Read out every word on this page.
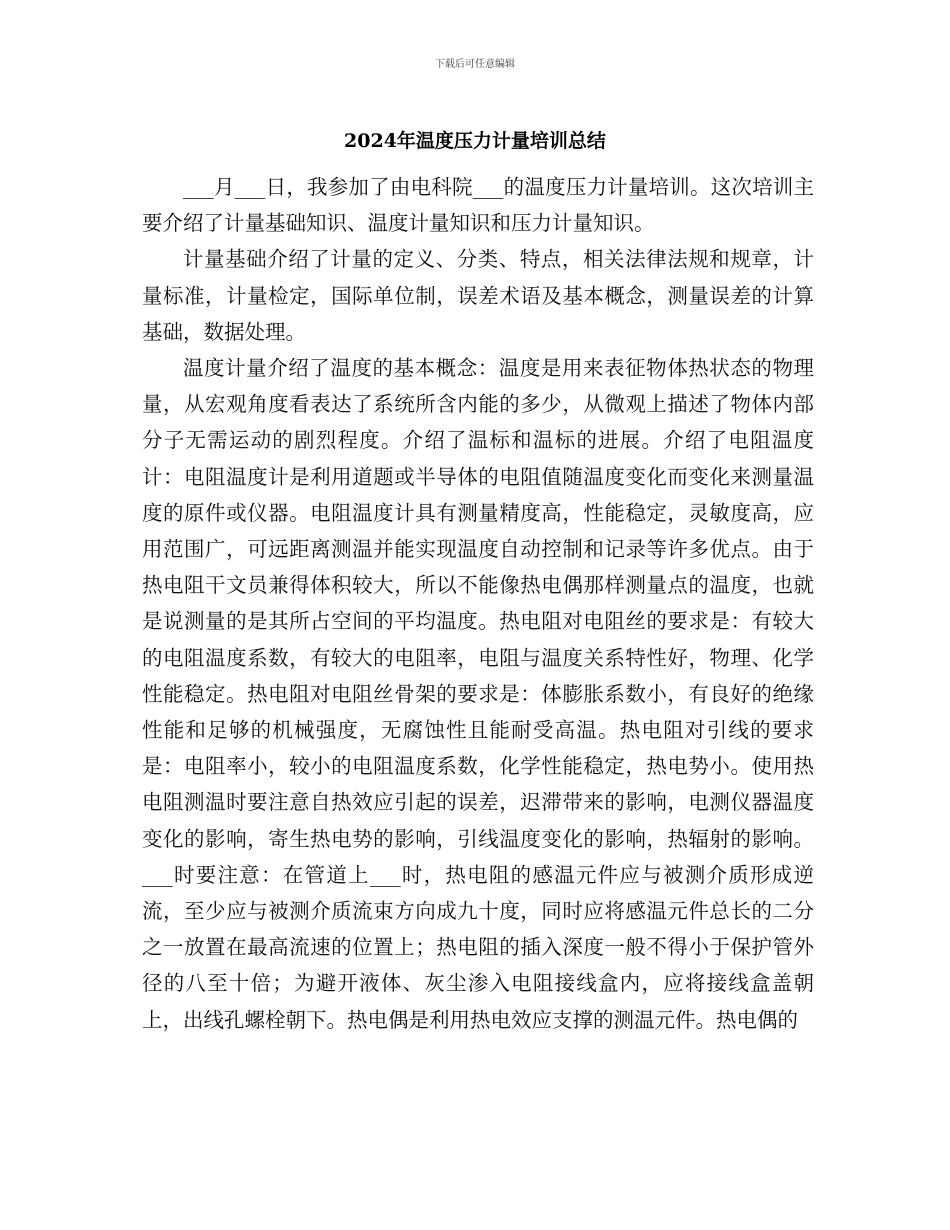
下载后可任意编辑
2024年温度压力计量培训总结

___月___日，我参加了由电科院___的温度压力计量培训。这次培训主要介绍了计量基础知识、温度计量知识和压力计量知识。

计量基础介绍了计量的定义、分类、特点，相关法律法规和规章，计量标准，计量检定，国际单位制，误差术语及基本概念，测量误差的计算基础，数据处理。

温度计量介绍了温度的基本概念：温度是用来表征物体热状态的物理量，从宏观角度看表达了系统所含内能的多少，从微观上描述了物体内部分子无需运动的剧烈程度。介绍了温标和温标的进展。介绍了电阻温度计：电阻温度计是利用道题或半导体的电阻值随温度变化而变化来测量温度的原件或仪器。电阻温度计具有测量精度高，性能稳定，灵敏度高，应用范围广，可远距离测温并能实现温度自动控制和记录等许多优点。由于热电阻干文员兼得体积较大，所以不能像热电偶那样测量点的温度，也就是说测量的是其所占空间的平均温度。热电阻对电阻丝的要求是：有较大的电阻温度系数，有较大的电阻率，电阻与温度关系特性好，物理、化学性能稳定。热电阻对电阻丝骨架的要求是：体膨胀系数小，有良好的绝缘性能和足够的机械强度，无腐蚀性且能耐受高温。热电阻对引线的要求是：电阻率小，较小的电阻温度系数，化学性能稳定，热电势小。使用热电阻测温时要注意自热效应引起的误差，迟滞带来的影响，电测仪器温度变化的影响，寄生热电势的影响，引线温度变化的影响，热辐射的影响。___时要注意：在管道上___时，热电阻的感温元件应与被测介质形成逆流，至少应与被测介质流束方向成九十度，同时应将感温元件总长的二分之一放置在最高流速的位置上；热电阻的插入深度一般不得小于保护管外径的八至十倍；为避开液体、灰尘渗入电阻接线盒内，应将接线盒盖朝上，出线孔螺栓朝下。热电偶是利用热电效应支撑的测温元件。热电偶的
